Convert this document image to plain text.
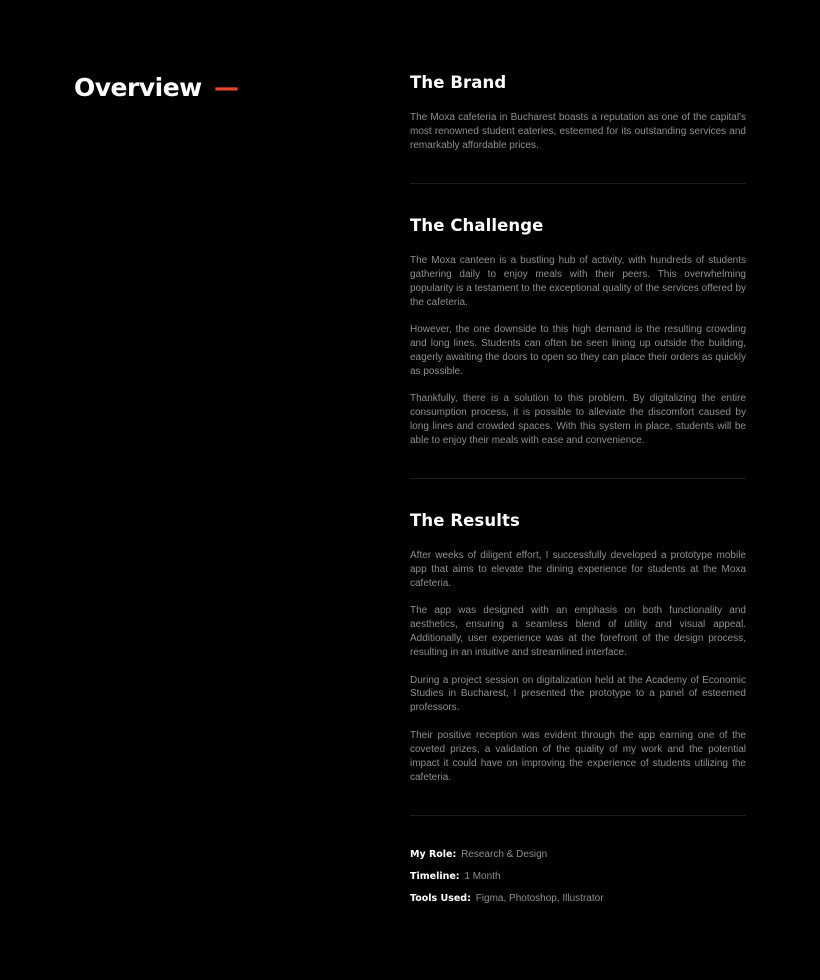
Overview —	The Brand

The Moxa cafeteria in Bucharest boasts a reputation as one of the capital's most renowned student eateries, esteemed for its outstanding services and remarkably affordable prices.

The Challenge

The Moxa canteen is a bustling hub of activity, with hundreds of students gathering daily to enjoy meals with their peers. This overwhelming popularity is a testament to the exceptional quality of the services offered by the cafeteria.

However, the one downside to this high demand is the resulting crowding and long lines. Students can often be seen lining up outside the building, eagerly awaiting the doors to open so they can place their orders as quickly as possible.

Thankfully, there is a solution to this problem. By digitalizing the entire consumption process, it is possible to alleviate the discomfort caused by long lines and crowded spaces. With this system in place, students will be able to enjoy their meals with ease and convenience.

The Results

After weeks of diligent effort, I successfully developed a prototype mobile app that aims to elevate the dining experience for students at the Moxa cafeteria.

The app was designed with an emphasis on both functionality and aesthetics, ensuring a seamless blend of utility and visual appeal. Additionally, user experience was at the forefront of the design process, resulting in an intuitive and streamlined interface.

During a project session on digitalization held at the Academy of Economic Studies in Bucharest, I presented the prototype to a panel of esteemed professors.

Their positive reception was evident through the app earning one of the coveted prizes, a validation of the quality of my work and the potential impact it could have on improving the experience of students utilizing the cafeteria.

My Role: Research & Design
Timeline: 1 Month
Tools Used: Figma, Photoshop, Illustrator
